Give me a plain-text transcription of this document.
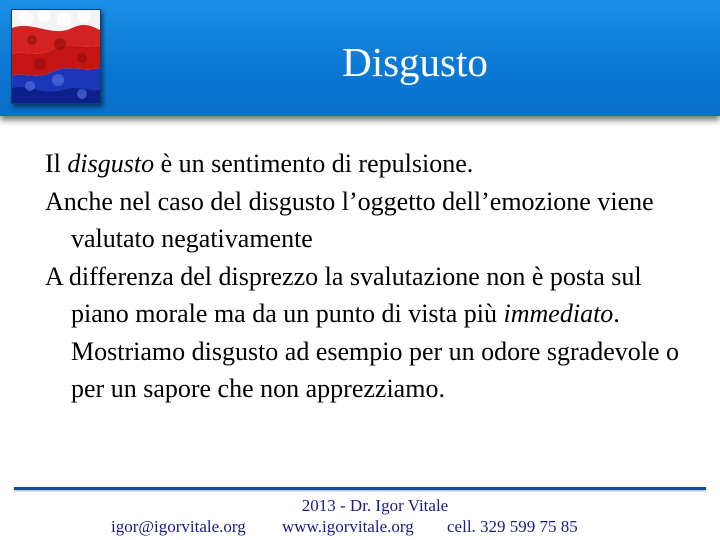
Disgusto

Il disgusto è un sentimento di repulsione.

Anche nel caso del disgusto l’oggetto dell’emozione viene valutato negativamente

A differenza del disprezzo la svalutazione non è posta sul piano morale ma da un punto di vista più immediato. Mostriamo disgusto ad esempio per un odore sgradevole o per un sapore che non apprezziamo.

2013 - Dr. Igor Vitale
igor@igorvitale.org www.igorvitale.org cell. 329 599 75 85
